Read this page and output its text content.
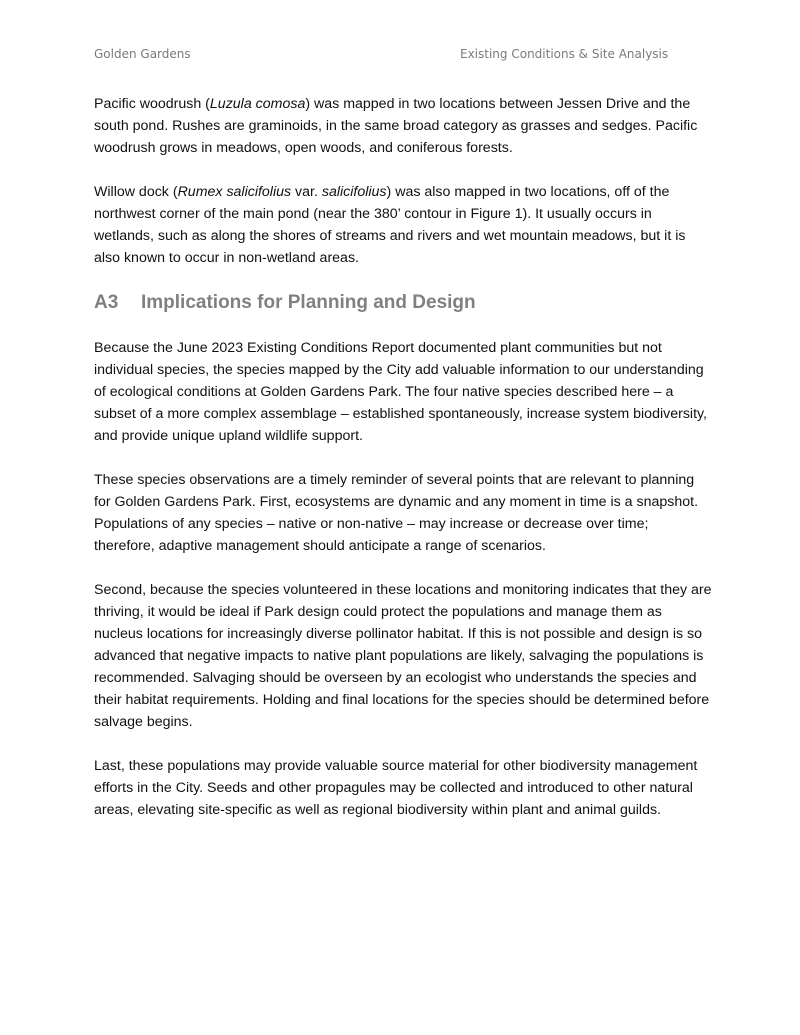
Golden Gardens	Existing Conditions & Site Analysis

Pacific woodrush (Luzula comosa) was mapped in two locations between Jessen Drive and the south pond. Rushes are graminoids, in the same broad category as grasses and sedges. Pacific woodrush grows in meadows, open woods, and coniferous forests.

Willow dock (Rumex salicifolius var. salicifolius) was also mapped in two locations, off of the northwest corner of the main pond (near the 380’ contour in Figure 1). It usually occurs in wetlands, such as along the shores of streams and rivers and wet mountain meadows, but it is also known to occur in non-wetland areas.

A3 Implications for Planning and Design

Because the June 2023 Existing Conditions Report documented plant communities but not individual species, the species mapped by the City add valuable information to our understanding of ecological conditions at Golden Gardens Park. The four native species described here – a subset of a more complex assemblage – established spontaneously, increase system biodiversity, and provide unique upland wildlife support.

These species observations are a timely reminder of several points that are relevant to planning for Golden Gardens Park. First, ecosystems are dynamic and any moment in time is a snapshot. Populations of any species – native or non-native – may increase or decrease over time; therefore, adaptive management should anticipate a range of scenarios.

Second, because the species volunteered in these locations and monitoring indicates that they are thriving, it would be ideal if Park design could protect the populations and manage them as nucleus locations for increasingly diverse pollinator habitat. If this is not possible and design is so advanced that negative impacts to native plant populations are likely, salvaging the populations is recommended. Salvaging should be overseen by an ecologist who understands the species and their habitat requirements. Holding and final locations for the species should be determined before salvage begins.

Last, these populations may provide valuable source material for other biodiversity management efforts in the City. Seeds and other propagules may be collected and introduced to other natural areas, elevating site-specific as well as regional biodiversity within plant and animal guilds.
